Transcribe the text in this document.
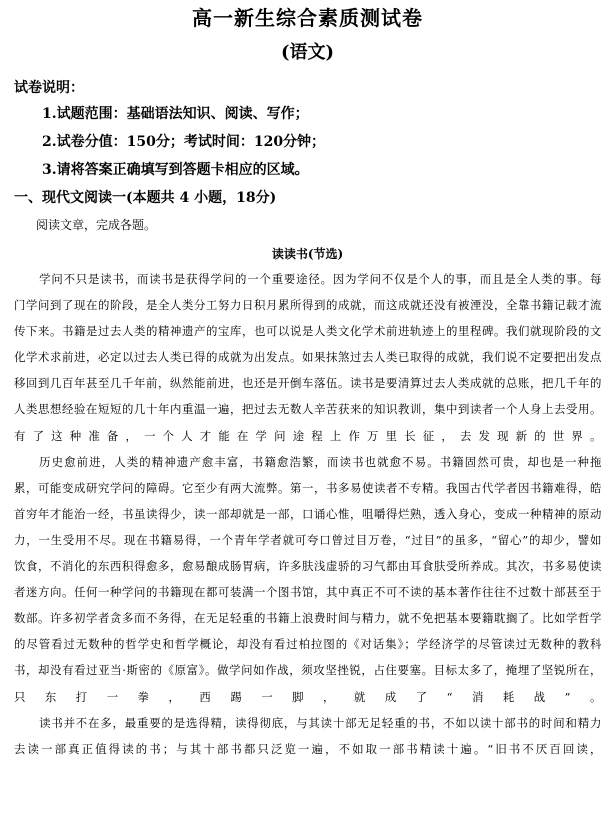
高一新生综合素质测试卷
(语文)
试卷说明：
1.试题范围：基础语法知识、阅读、写作；
2.试卷分值：150分；考试时间：120分钟；
3.请将答案正确填写到答题卡相应的区域。
一、现代文阅读一(本题共 4 小题，18分)
阅读文章，完成各题。
读读书(节选)

学问不只是读书，而读书是获得学问的一个重要途径。因为学问不仅是个人的事，而且是全人类的事。每门学问到了现在的阶段，是全人类分工努力日积月累所得到的成就，而这成就还没有被湮没，全靠书籍记载才流传下来。书籍是过去人类的精神遗产的宝库，也可以说是人类文化学术前进轨迹上的里程碑。我们就现阶段的文化学术求前进，必定以过去人类已得的成就为出发点。如果抹煞过去人类已取得的成就，我们说不定要把出发点移回到几百年甚至几千年前，纵然能前进，也还是开倒车落伍。读书是要清算过去人类成就的总账，把几千年的人类思想经验在短短的几十年内重温一遍，把过去无数人辛苦获来的知识教训，集中到读者一个人身上去受用。有了这种准备，一个人才能在学问途程上作万里长征，去发现新的世界。

历史愈前进，人类的精神遗产愈丰富，书籍愈浩繁，而读书也就愈不易。书籍固然可贵，却也是一种拖累，可能变成研究学问的障碍。它至少有两大流弊。第一，书多易使读者不专精。我国古代学者因书籍难得，皓首穷年才能治一经，书虽读得少，读一部却就是一部，口诵心惟，咀嚼得烂熟，透入身心，变成一种精神的原动力，一生受用不尽。现在书籍易得，一个青年学者就可夸口曾过目万卷，“过目”的虽多，“留心”的却少，譬如饮食，不消化的东西积得愈多，愈易酿成肠胃病，许多肤浅虚骄的习气都由耳食肤受所养成。其次，书多易使读者迷方向。任何一种学问的书籍现在都可装满一个图书馆，其中真正不可不读的基本著作往往不过数十部甚至于数部。许多初学者贪多而不务得，在无足轻重的书籍上浪费时间与精力，就不免把基本要籍耽搁了。比如学哲学的尽管看过无数种的哲学史和哲学概论，却没有看过柏拉图的《对话集》；学经济学的尽管读过无数种的教科书，却没有看过亚当·斯密的《原富》。做学问如作战，须攻坚挫锐，占住要塞。目标太多了，掩埋了坚锐所在，只东打一拳，西踢一脚，就成了“消耗战”。

读书并不在多，最重要的是选得精，读得彻底，与其读十部无足轻重的书，不如以读十部书的时间和精力去读一部真正值得读的书；与其十部书都只泛览一遍，不如取一部书精读十遍。“旧书不厌百回读，
